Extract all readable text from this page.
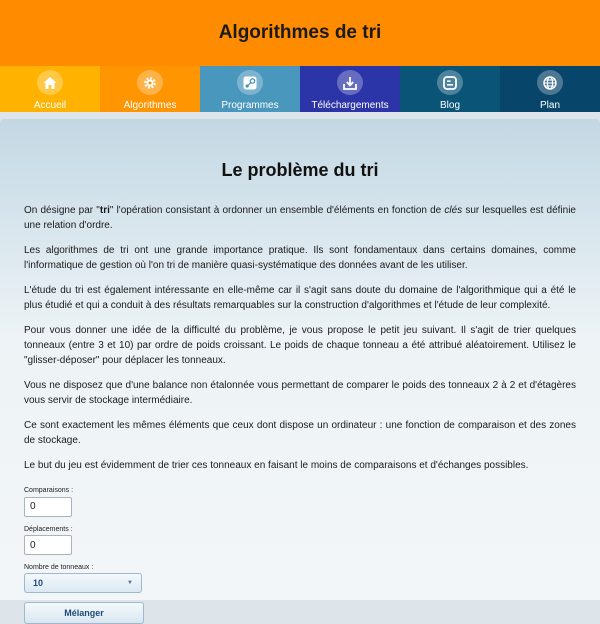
Algorithmes de tri
Accueil	Algorithmes	Programmes	Téléchargements	Blog	Plan
Le problème du tri

On désigne par "tri" l'opération consistant à ordonner un ensemble d'éléments en fonction de clés sur lesquelles est définie une relation d'ordre.

Les algorithmes de tri ont une grande importance pratique. Ils sont fondamentaux dans certains domaines, comme l'informatique de gestion où l'on tri de manière quasi-systématique des données avant de les utiliser.

L'étude du tri est également intéressante en elle-même car il s'agit sans doute du domaine de l'algorithmique qui a été le plus étudié et qui a conduit à des résultats remarquables sur la construction d'algorithmes et l'étude de leur complexité.

Pour vous donner une idée de la difficulté du problème, je vous propose le petit jeu suivant. Il s'agit de trier quelques tonneaux (entre 3 et 10) par ordre de poids croissant. Le poids de chaque tonneau a été attribué aléatoirement. Utilisez le "glisser-déposer" pour déplacer les tonneaux.

Vous ne disposez que d'une balance non étalonnée vous permettant de comparer le poids des tonneaux 2 à 2 et d'étagères vous servir de stockage intermédiaire.

Ce sont exactement les mêmes éléments que ceux dont dispose un ordinateur : une fonction de comparaison et des zones de stockage.

Le but du jeu est évidemment de trier ces tonneaux en faisant le moins de comparaisons et d'échanges possibles.

Comparaisons :
0
Déplacements :
0
Nombre de tonneaux :
10	▼
Mélanger
